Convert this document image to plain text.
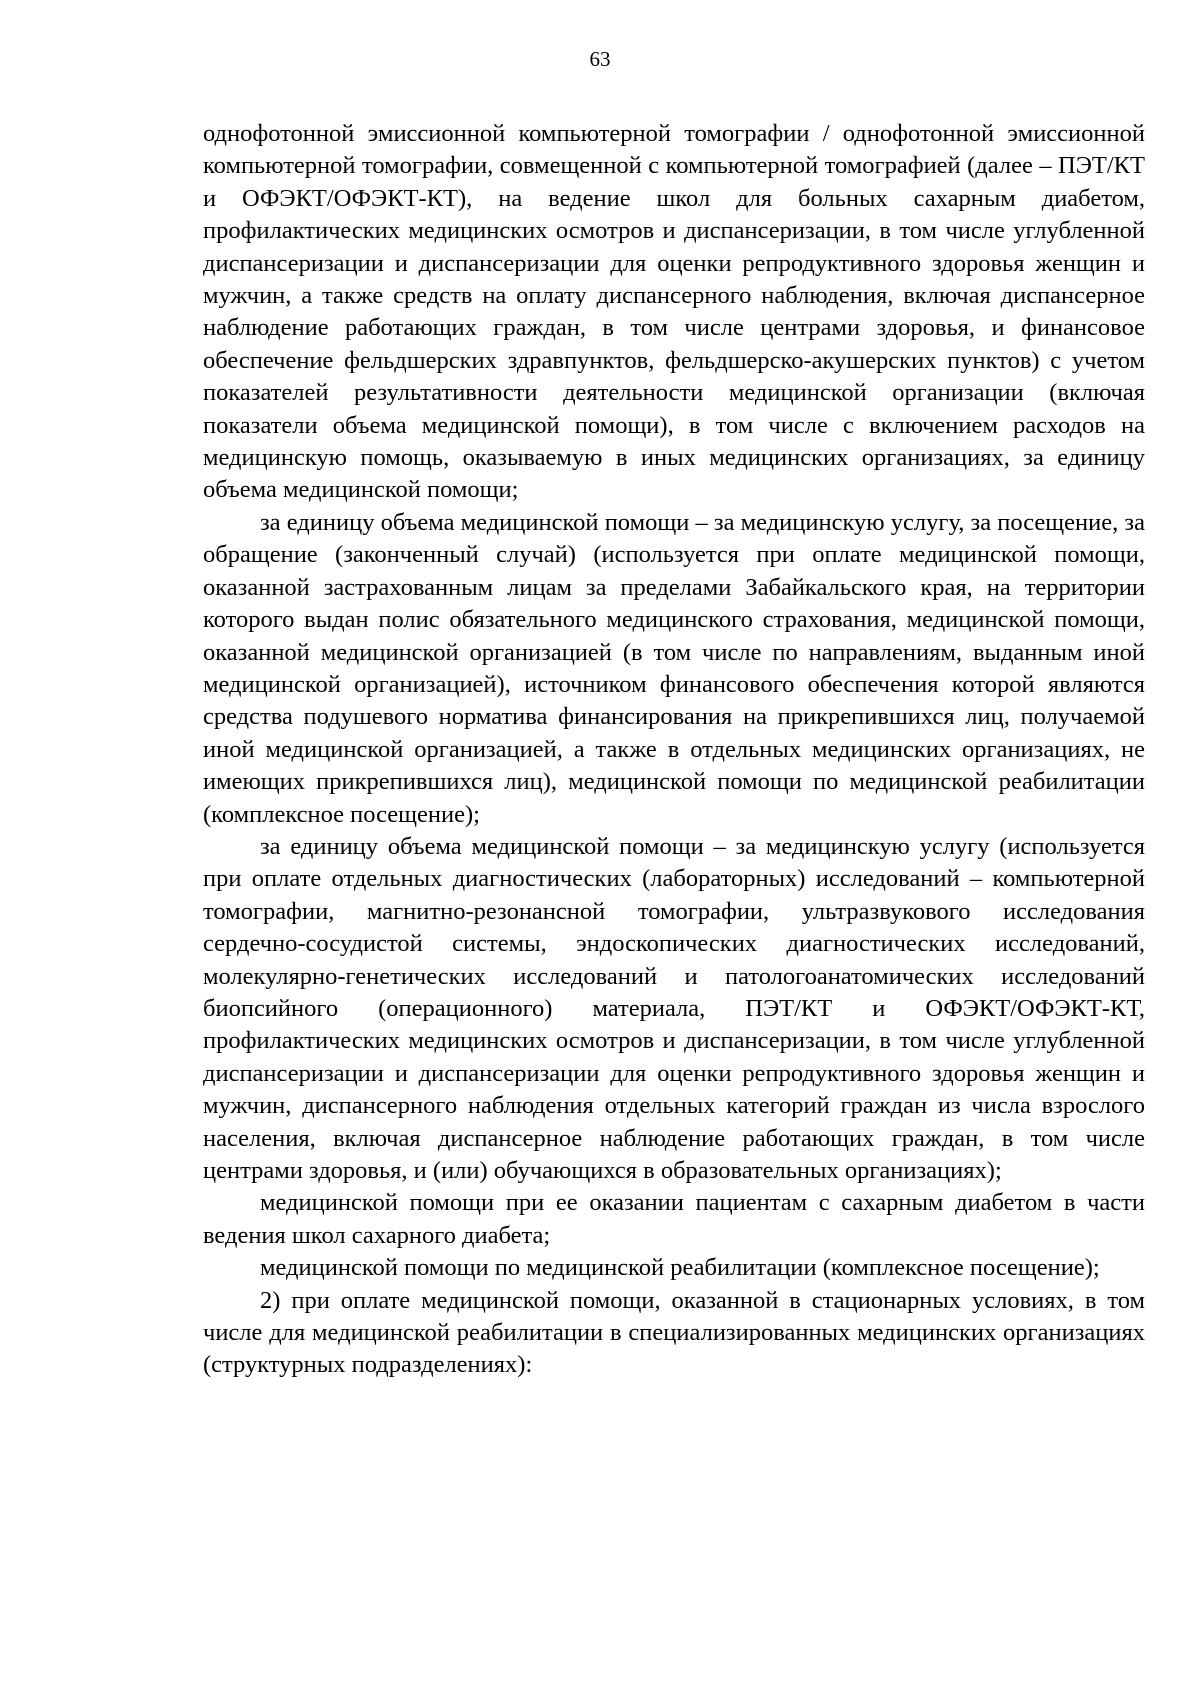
63

однофотонной эмиссионной компьютерной томографии / однофотонной эмиссионной компьютерной томографии, совмещенной с компьютерной томографией (далее – ПЭТ/КТ и ОФЭКТ/ОФЭКТ-КТ), на ведение школ для больных сахарным диабетом, профилактических медицинских осмотров и диспансеризации, в том числе углубленной диспансеризации и диспансеризации для оценки репродуктивного здоровья женщин и мужчин, а также средств на оплату диспансерного наблюдения, включая диспансерное наблюдение работающих граждан, в том числе центрами здоровья, и финансовое обеспечение фельдшерских здравпунктов, фельдшерско-акушерских пунктов) с учетом показателей результативности деятельности медицинской организации (включая показатели объема медицинской помощи), в том числе с включением расходов на медицинскую помощь, оказываемую в иных медицинских организациях, за единицу объема медицинской помощи;

за единицу объема медицинской помощи – за медицинскую услугу, за посещение, за обращение (законченный случай) (используется при оплате медицинской помощи, оказанной застрахованным лицам за пределами Забайкальского края, на территории которого выдан полис обязательного медицинского страхования, медицинской помощи, оказанной медицинской организацией (в том числе по направлениям, выданным иной медицинской организацией), источником финансового обеспечения которой являются средства подушевого норматива финансирования на прикрепившихся лиц, получаемой иной медицинской организацией, а также в отдельных медицинских организациях, не имеющих прикрепившихся лиц), медицинской помощи по медицинской реабилитации (комплексное посещение);

за единицу объема медицинской помощи – за медицинскую услугу (используется при оплате отдельных диагностических (лабораторных) исследований – компьютерной томографии, магнитно-резонансной томографии, ультразвукового исследования сердечно-сосудистой системы, эндоскопических диагностических исследований, молекулярно-генетических исследований и патологоанатомических исследований биопсийного (операционного) материала, ПЭТ/КТ и ОФЭКТ/ОФЭКТ-КТ, профилактических медицинских осмотров и диспансеризации, в том числе углубленной диспансеризации и диспансеризации для оценки репродуктивного здоровья женщин и мужчин, диспансерного наблюдения отдельных категорий граждан из числа взрослого населения, включая диспансерное наблюдение работающих граждан, в том числе центрами здоровья, и (или) обучающихся в образовательных организациях);

медицинской помощи при ее оказании пациентам с сахарным диабетом в части ведения школ сахарного диабета;

медицинской помощи по медицинской реабилитации (комплексное посещение);

2) при оплате медицинской помощи, оказанной в стационарных условиях, в том числе для медицинской реабилитации в специализированных медицинских организациях (структурных подразделениях):
